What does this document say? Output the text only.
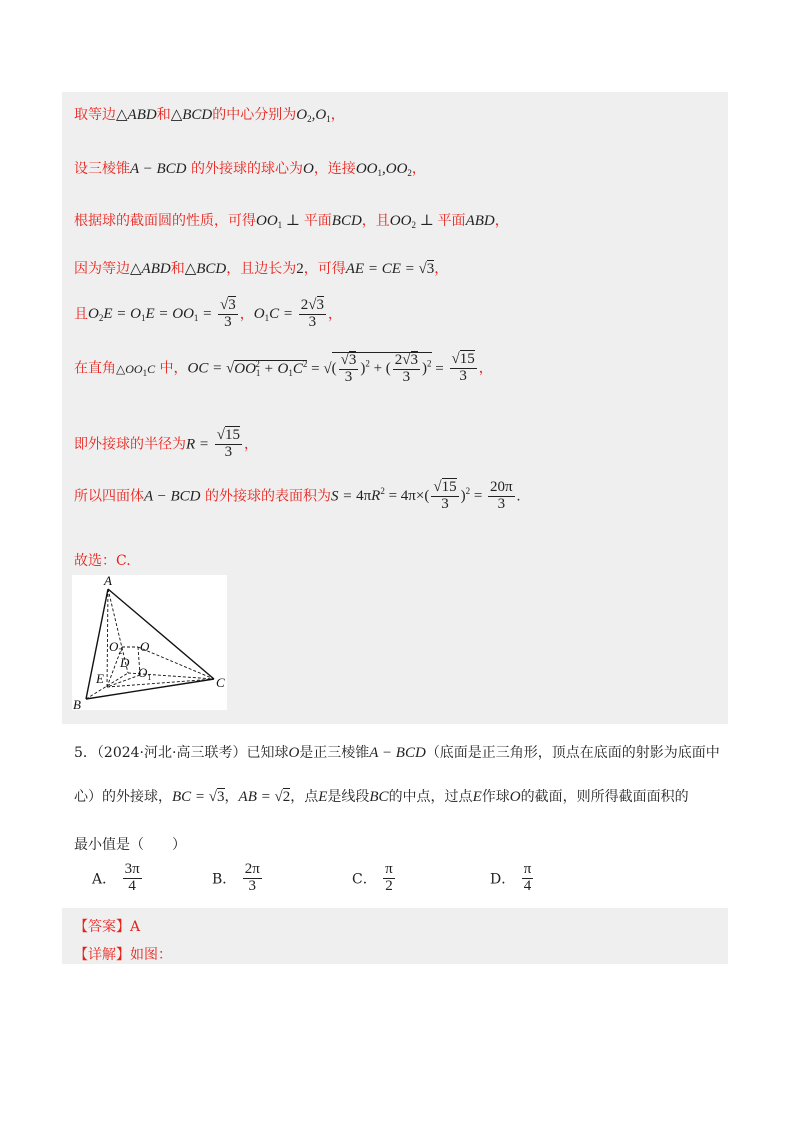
取等边△ABD和△BCD的中心分别为$O_2,O_1$，
设三棱锥A − BCD 的外接球的球心为O，连接$OO_1,OO_2$，
根据球的截面圆的性质，可得$OO_1$ ⊥ 平面BCD，且$OO_2$ ⊥ 平面ABD，
因为等边△ABD和△BCD，且边长为2，可得AE = CE = √3，
且$O_2E = O_1E = OO_1 = \frac{√3}{3}$ ，$O_1C = \frac{2√3}{3}$ ，
在直角$\triangle OO_1C$ 中，OC = $√OO_1^2 + O_1C^2$ = √( $\frac{√3}{3} )^2$ + ( $\frac{2√3}{3} )^2 = \frac{√15}{3}$ ，
即外接球的半径为$R = \frac{√15}{3}$ ，
所以四面体A − BCD 的外接球的表面积为$S = 4\pi R^2 = 4\pi\times( \frac{√15}{3} )^2 = \frac{20\pi}{3}$ .
故选：C.
A
B
C
D
E
O
$O_2$
$O_1$
5．（2024·河北·高三联考）已知球O是正三棱锥A − BCD（底面是正三角形，顶点在底面的射影为底面中
心）的外接球，BC = √3，AB = √2，点E是线段BC的中点，过点E作球O的截面，则所得截面面积的
最小值是（　　）
A． $\frac{3\pi}{4}$	B． $\frac{2\pi}{3}$	C． $\frac{\pi}{2}$	D． $\frac{\pi}{4}$
【答案】A
【详解】如图：
